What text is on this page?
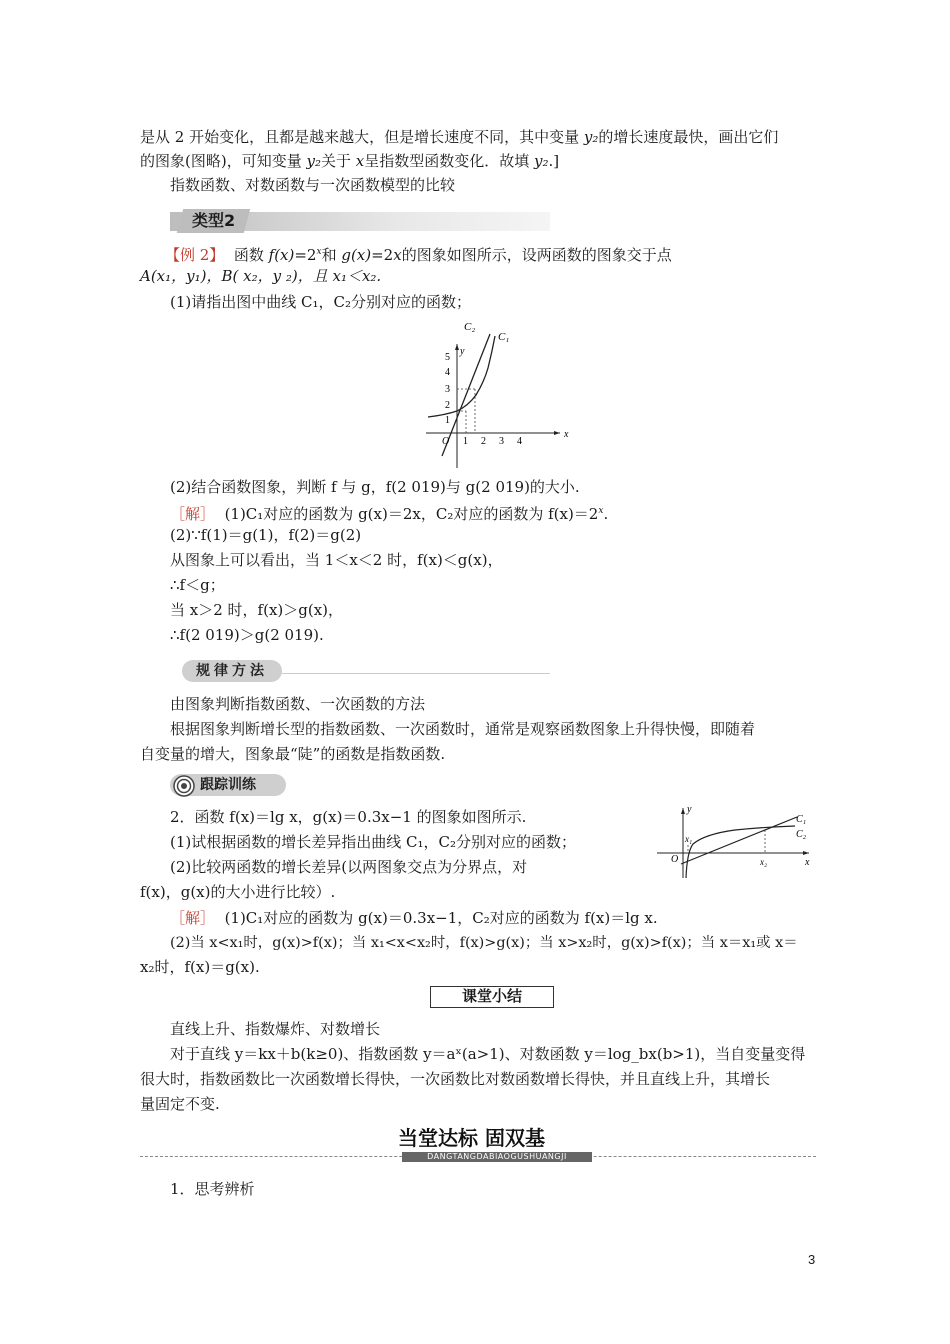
是从 2 开始变化，且都是越来越大，但是增长速度不同，其中变量 y₂的增长速度最快，画出它们
的图象(图略)，可知变量 y₂关于 x呈指数型函数变化．故填 y₂.]
指数函数、对数函数与一次函数模型的比较
类型2
【例 2】 函数 $f(x)=2^x$和 g(x)=2x的图象如图所示，设两函数的图象交于点
A(x₁，y₁)，B( x₂，y ₂)，且 x₁＜x₂.
(1)请指出图中曲线 C₁，C₂分别对应的函数；
C₂
C₁
y
x
O
5
4
3
2
1
1 2 3 4
(2)结合函数图象，判断 f 与 g，f(2 019)与 g(2 019)的大小.
［解］ (1)C₁对应的函数为 g(x)＝2x，C₂对应的函数为 $f(x)=2^x$.
(2)∵f(1)＝g(1)，f(2)＝g(2)
从图象上可以看出，当 1＜x＜2 时，f(x)＜g(x)，
∴f＜g；
当 x＞2 时，f(x)＞g(x)，
∴f(2 019)＞g(2 019).
规律方法
由图象判断指数函数、一次函数的方法
根据图象判断增长型的指数函数、一次函数时，通常是观察函数图象上升得快慢，即随着
自变量的增大，图象最“陡”的函数是指数函数.
跟踪训练
2．函数 f(x)＝lg x，g(x)＝0.3x−1 的图象如图所示.
(1)试根据函数的增长差异指出曲线 C₁，C₂分别对应的函数；
(2)比较两函数的增长差异(以两图象交点为分界点，对
f(x)，g(x)的大小进行比较）.
y
x
O
x₁
x₂
C₁
C₂
［解］ (1)C₁对应的函数为 g(x)＝0.3x−1，C₂对应的函数为 f(x)＝lg x.
(2)当 x<x₁时，g(x)>f(x)；当 x₁<x<x₂时，f(x)>g(x)；当 x>x₂时，g(x)>f(x)；当 x＝x₁或 x＝
x₂时，f(x)＝g(x).
课堂小结
直线上升、指数爆炸、对数增长
对于直线 y＝kx＋b(k≥0)、指数函数 y＝aˣ(a>1)、对数函数 y＝log_bx(b>1)，当自变量变得
很大时，指数函数比一次函数增长得快，一次函数比对数函数增长得快，并且直线上升，其增长
量固定不变.
当堂达标 固双基
DANGTANGDABIAOGUSHUANGJI
1．思考辨析
3
